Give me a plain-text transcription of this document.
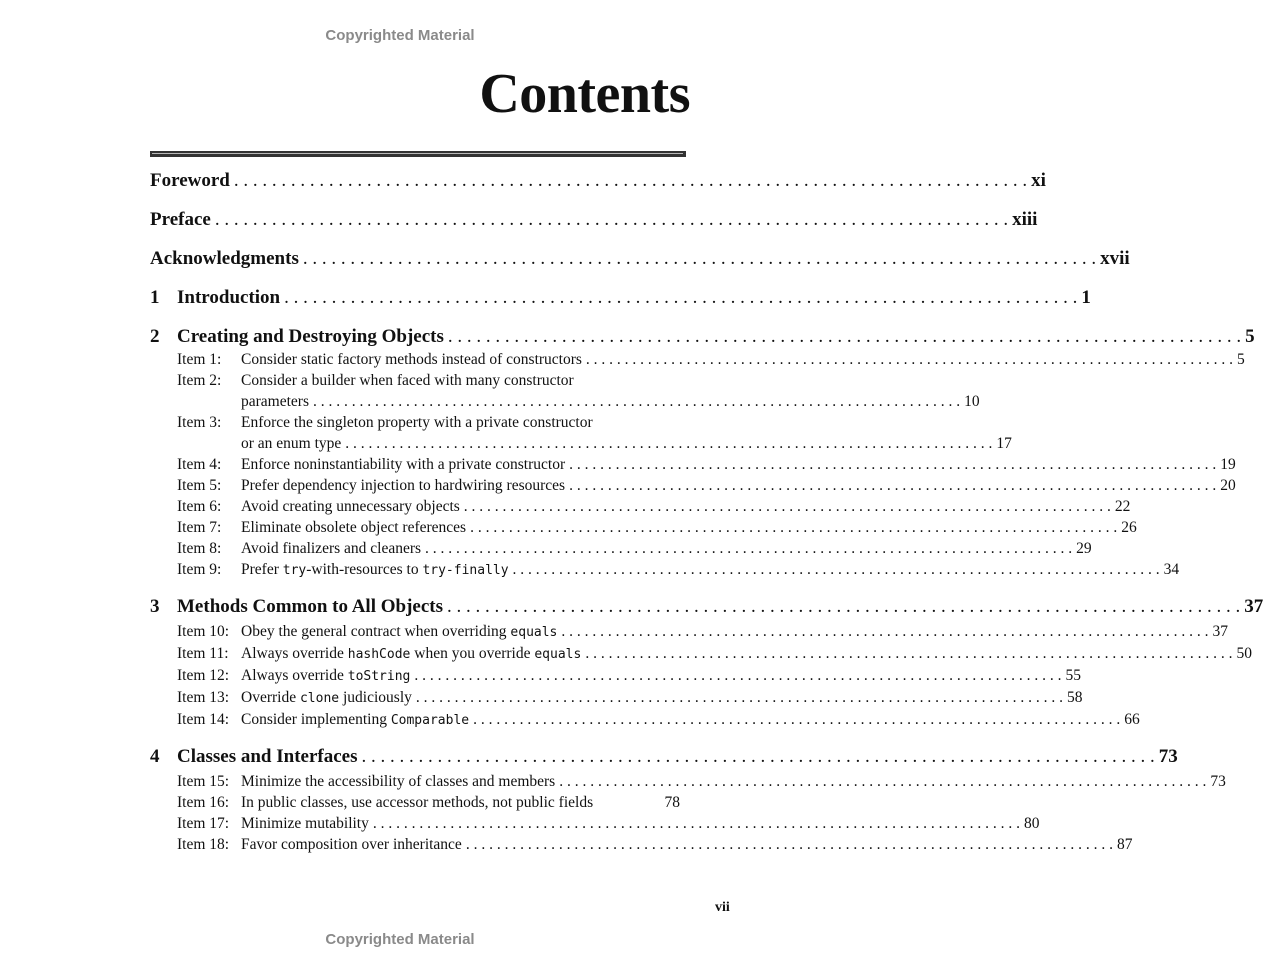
Copyrighted Material
Contents
Foreword . . .	xi
Preface . . .	xiii
Acknowledgments . . .	xvii
1 Introduction . . .	1
2 Creating and Destroying Objects . . .	5
Item 1:	Consider static factory methods instead of constructors . . .	5
Item 2:	Consider a builder when faced with many constructor
parameters . . .	10
Item 3:	Enforce the singleton property with a private constructor
or an enum type . . .	17
Item 4:	Enforce noninstantiability with a private constructor . . .	19
Item 5:	Prefer dependency injection to hardwiring resources . . .	20
Item 6:	Avoid creating unnecessary objects . . .	22
Item 7:	Eliminate obsolete object references . . .	26
Item 8:	Avoid finalizers and cleaners . . .	29
Item 9:	Prefer try-with-resources to try-finally . . .	34
3 Methods Common to All Objects . . .	37
Item 10: Obey the general contract when overriding equals . . .	37
Item 11: Always override hashCode when you override equals . . .	50
Item 12: Always override toString . . .	55
Item 13: Override clone judiciously . . .	58
Item 14: Consider implementing Comparable . . .	66
4 Classes and Interfaces . . .	73
Item 15: Minimize the accessibility of classes and members . . .	73
Item 16: In public classes, use accessor methods, not public fields	78
Item 17: Minimize mutability . . .	80
Item 18: Favor composition over inheritance . . .	87
vii
Copyrighted Material
